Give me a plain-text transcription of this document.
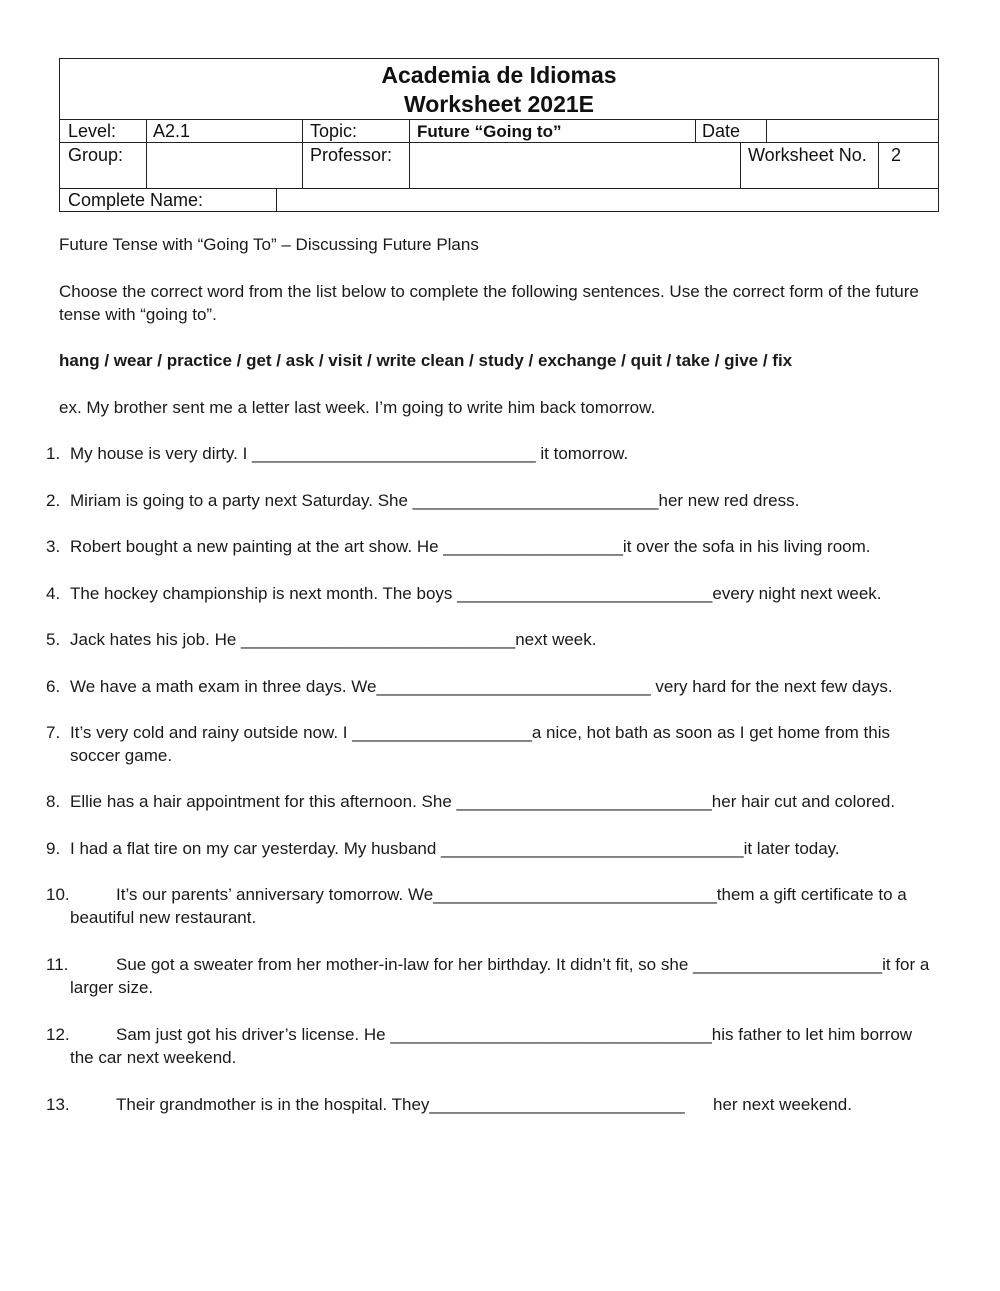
Academia de Idiomas
Worksheet 2021E
Level: A2.1	Topic:	Future “Going to”	Date
Group:	Professor:	Worksheet No. 2
Complete Name:
Future Tense with “Going To” – Discussing Future Plans
Choose the correct word from the list below to complete the following sentences. Use the correct form of the future tense with “going to”.
hang / wear / practice / get / ask / visit / write clean / study / exchange / quit / take / give / fix
ex. My brother sent me a letter last week. I’m going to write him back tomorrow.
1. My house is very dirty. I ______________________________ it tomorrow.
2. Miriam is going to a party next Saturday. She __________________________her new red dress.
3. Robert bought a new painting at the art show. He ___________________it over the sofa in his living room.
4. The hockey championship is next month. The boys ___________________________every night next week.
5. Jack hates his job. He _____________________________next week.
6. We have a math exam in three days. We_____________________________ very hard for the next few days.
7. It’s very cold and rainy outside now. I ___________________a nice, hot bath as soon as I get home from this soccer game.
8. Ellie has a hair appointment for this afternoon. She ___________________________her hair cut and colored.
9. I had a flat tire on my car yesterday. My husband ________________________________it later today.
10.	It’s our parents’ anniversary tomorrow. We______________________________them a gift certificate to a beautiful new restaurant.
11.	Sue got a sweater from her mother-in-law for her birthday. It didn’t fit, so she ____________________it for a larger size.
12.	Sam just got his driver’s license. He __________________________________his father to let him borrow the car next weekend.
13.	Their grandmother is in the hospital. They___________________________      her next weekend.
